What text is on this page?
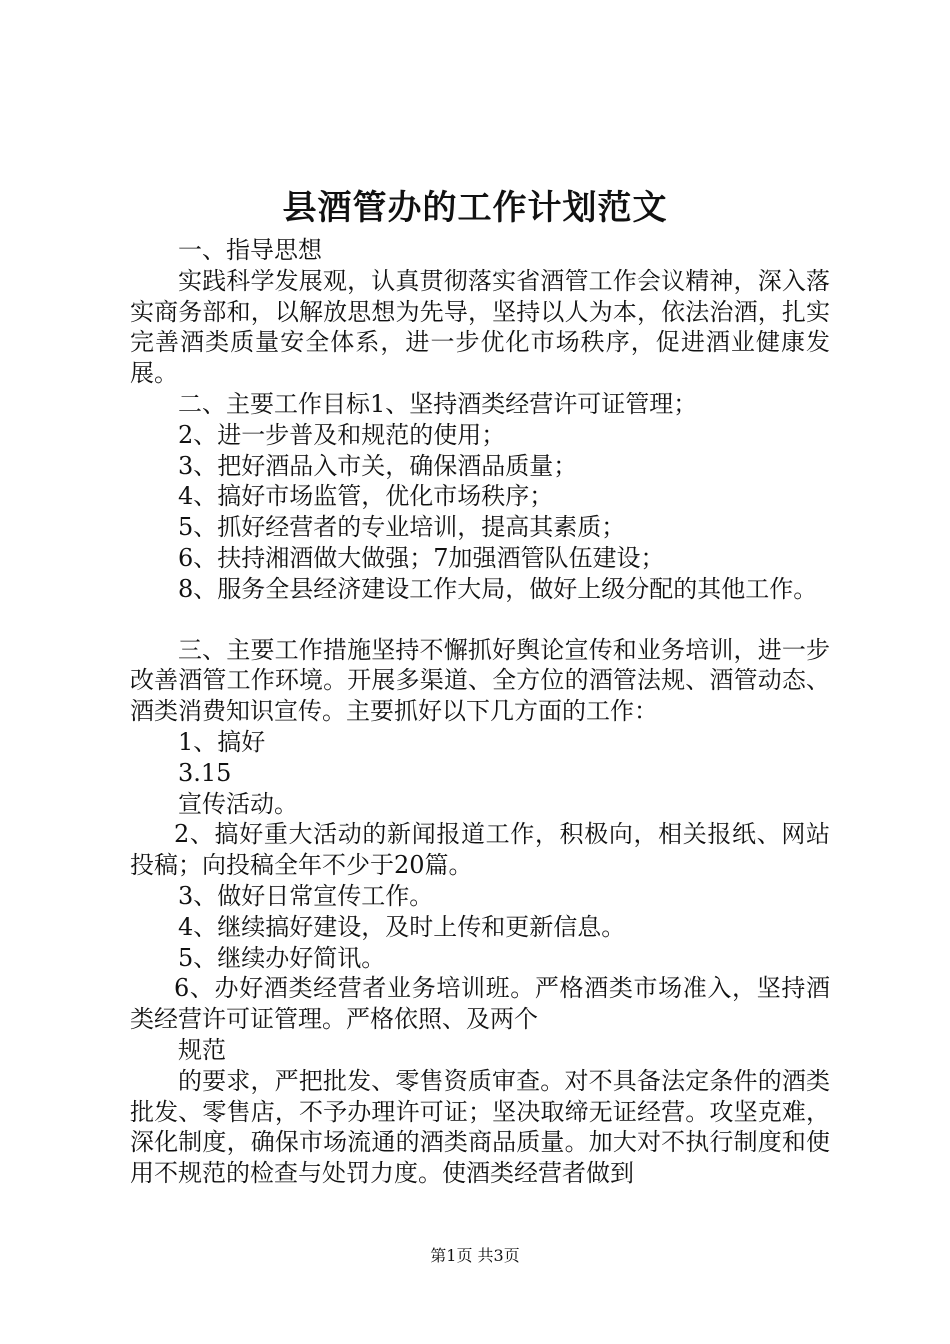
县酒管办的工作计划范文

一、指导思想

实践科学发展观，认真贯彻落实省酒管工作会议精神，深入落实商务部和，以解放思想为先导，坚持以人为本，依法治酒，扎实完善酒类质量安全体系，进一步优化市场秩序，促进酒业健康发展。

二、主要工作目标1、坚持酒类经营许可证管理；

2、进一步普及和规范的使用；

3、把好酒品入市关，确保酒品质量；

4、搞好市场监管，优化市场秩序；

5、抓好经营者的专业培训，提高其素质；

6、扶持湘酒做大做强；7加强酒管队伍建设；

8、服务全县经济建设工作大局，做好上级分配的其他工作。

三、主要工作措施坚持不懈抓好舆论宣传和业务培训，进一步改善酒管工作环境。开展多渠道、全方位的酒管法规、酒管动态、酒类消费知识宣传。主要抓好以下几方面的工作：

1、搞好

3.15

宣传活动。

2、搞好重大活动的新闻报道工作，积极向，相关报纸、网站投稿；向投稿全年不少于20篇。

3、做好日常宣传工作。

4、继续搞好建设，及时上传和更新信息。

5、继续办好简讯。

6、办好酒类经营者业务培训班。严格酒类市场准入，坚持酒类经营许可证管理。严格依照、及两个

规范

的要求，严把批发、零售资质审查。对不具备法定条件的酒类批发、零售店，不予办理许可证；坚决取缔无证经营。攻坚克难，深化制度，确保市场流通的酒类商品质量。加大对不执行制度和使用不规范的检查与处罚力度。使酒类经营者做到

第1页 共3页
